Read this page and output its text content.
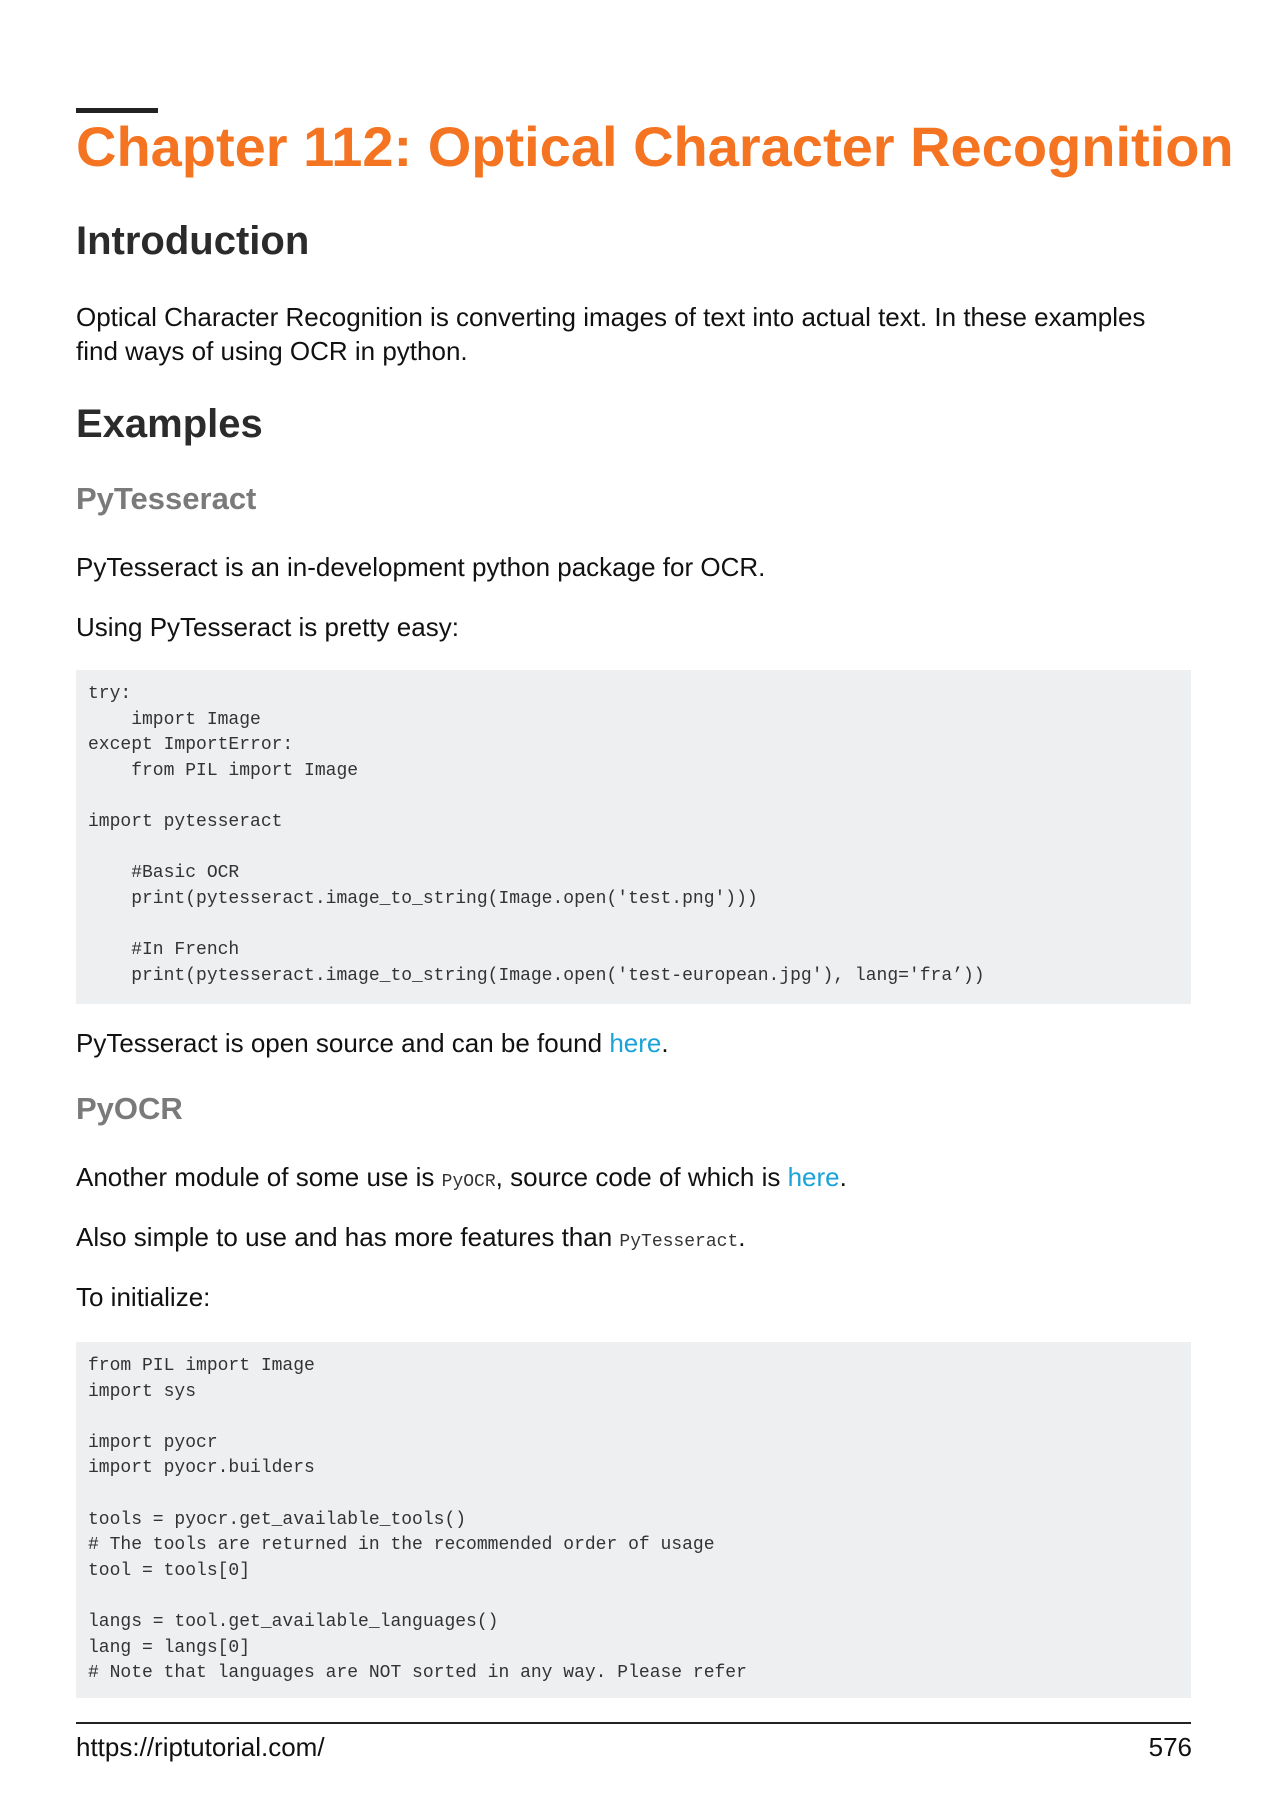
Chapter 112: Optical Character Recognition
Introduction

Optical Character Recognition is converting images of text into actual text. In these examples find ways of using OCR in python.

Examples
PyTesseract

PyTesseract is an in-development python package for OCR.

Using PyTesseract is pretty easy:

try:
import Image
except ImportError:
from PIL import Image

import pytesseract

#Basic OCR
print(pytesseract.image_to_string(Image.open('test.png')))

#In French
print(pytesseract.image_to_string(Image.open('test-european.jpg'), lang='fra’))

PyTesseract is open source and can be found here.

PyOCR

Another module of some use is PyOCR, source code of which is here.

Also simple to use and has more features than PyTesseract.

To initialize:

from PIL import Image
import sys

import pyocr
import pyocr.builders

tools = pyocr.get_available_tools()
# The tools are returned in the recommended order of usage
tool = tools[0]

langs = tool.get_available_languages()
lang = langs[0]
# Note that languages are NOT sorted in any way. Please refer
https://riptutorial.com/	576
